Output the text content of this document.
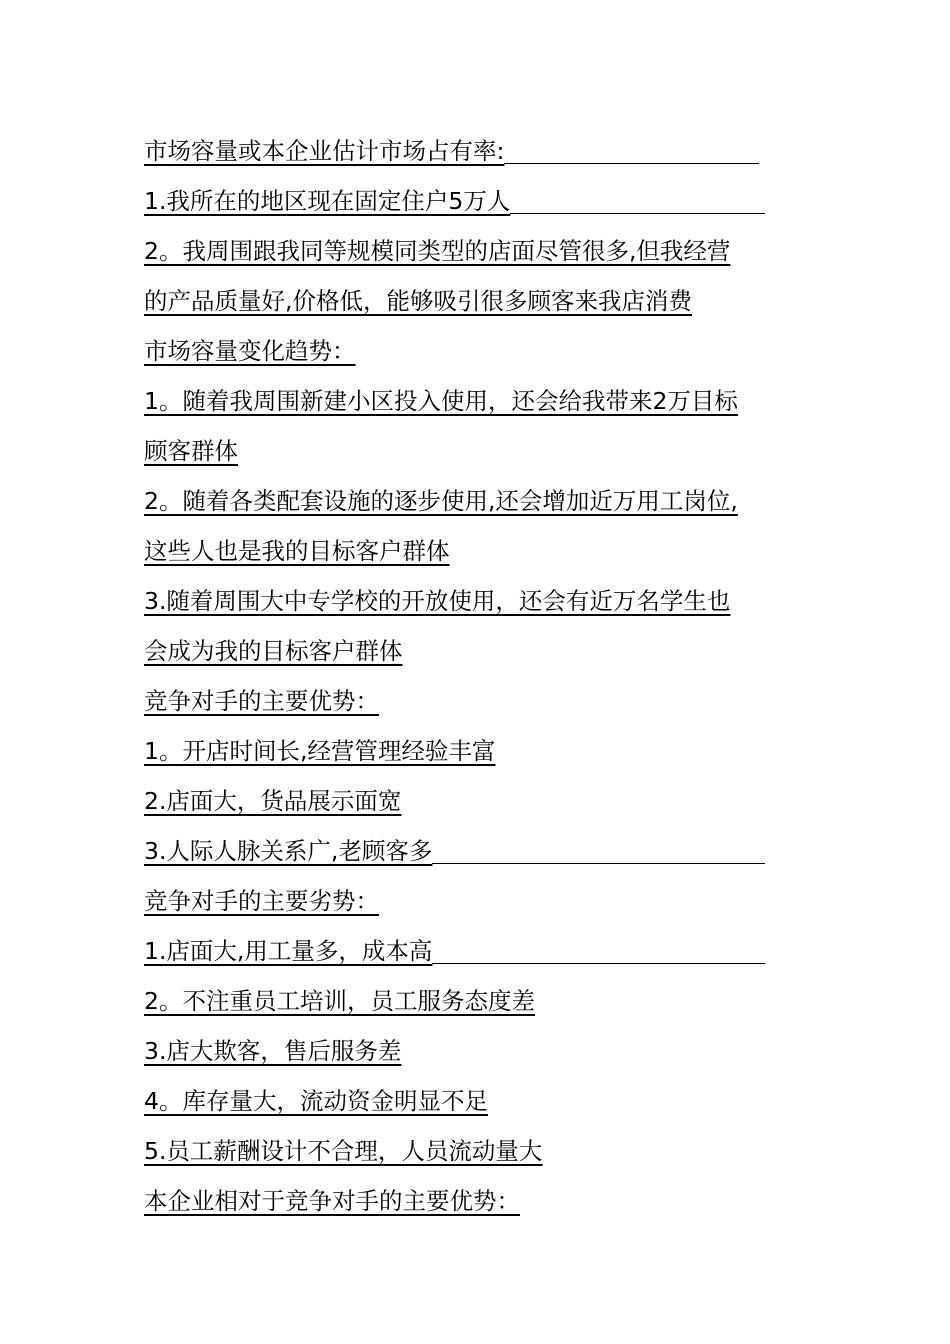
市场容量或本企业估计市场占有率:
1.我所在的地区现在固定住户5万人
2。我周围跟我同等规模同类型的店面尽管很多,但我经营
的产品质量好,价格低，能够吸引很多顾客来我店消费
市场容量变化趋势：
1。随着我周围新建小区投入使用，还会给我带来2万目标
顾客群体
2。随着各类配套设施的逐步使用,还会增加近万用工岗位,
这些人也是我的目标客户群体
3.随着周围大中专学校的开放使用，还会有近万名学生也
会成为我的目标客户群体
竞争对手的主要优势：
1。开店时间长,经营管理经验丰富
2.店面大，货品展示面宽
3.人际人脉关系广,老顾客多
竞争对手的主要劣势：
1.店面大,用工量多，成本高
2。不注重员工培训，员工服务态度差
3.店大欺客，售后服务差
4。库存量大，流动资金明显不足
5.员工薪酬设计不合理，人员流动量大
本企业相对于竞争对手的主要优势：
